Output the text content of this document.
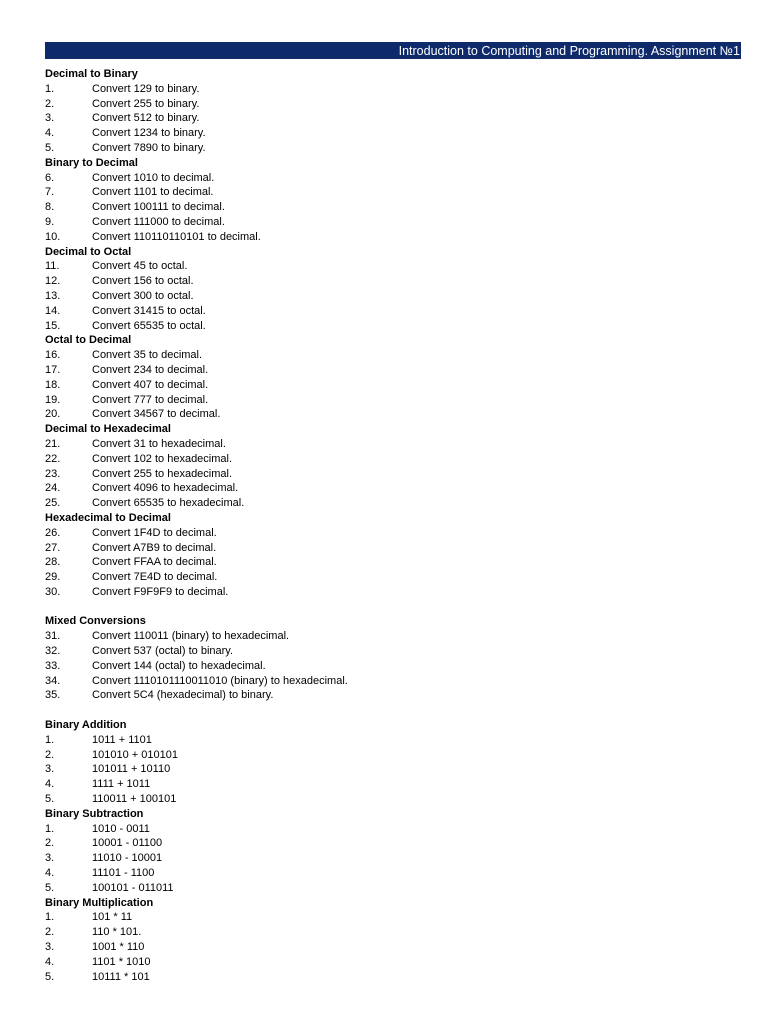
Introduction to Computing and Programming. Assignment №1
Decimal to Binary
1.	Convert 129 to binary.
2.	Convert 255 to binary.
3.	Convert 512 to binary.
4.	Convert 1234 to binary.
5.	Convert 7890 to binary.
Binary to Decimal
6.	Convert 1010 to decimal.
7.	Convert 1101 to decimal.
8.	Convert 100111 to decimal.
9.	Convert 111000 to decimal.
10.	Convert 110110110101 to decimal.
Decimal to Octal
11.	Convert 45 to octal.
12.	Convert 156 to octal.
13.	Convert 300 to octal.
14.	Convert 31415 to octal.
15.	Convert 65535 to octal.
Octal to Decimal
16.	Convert 35 to decimal.
17.	Convert 234 to decimal.
18.	Convert 407 to decimal.
19.	Convert 777 to decimal.
20.	Convert 34567 to decimal.
Decimal to Hexadecimal
21.	Convert 31 to hexadecimal.
22.	Convert 102 to hexadecimal.
23.	Convert 255 to hexadecimal.
24.	Convert 4096 to hexadecimal.
25.	Convert 65535 to hexadecimal.
Hexadecimal to Decimal
26.	Convert 1F4D to decimal.
27.	Convert A7B9 to decimal.
28.	Convert FFAA to decimal.
29.	Convert 7E4D to decimal.
30.	Convert F9F9F9 to decimal.
Mixed Conversions
31.	Convert 110011 (binary) to hexadecimal.
32.	Convert 537 (octal) to binary.
33.	Convert 144 (octal) to hexadecimal.
34.	Convert 1110101110011010 (binary) to hexadecimal.
35.	Convert 5C4 (hexadecimal) to binary.
Binary Addition
1.	1011 + 1101
2.	101010 + 010101
3.	101011 + 10110
4.	1111 + 1011
5.	110011 + 100101
Binary Subtraction
1.	1010 - 0011
2.	10001 - 01100
3.	11010 - 10001
4.	11101 - 1100
5.	100101 - 011011
Binary Multiplication
1.	101 * 11
2.	110 * 101.
3.	1001 * 110
4.	1101 * 1010
5.	10111 * 101
